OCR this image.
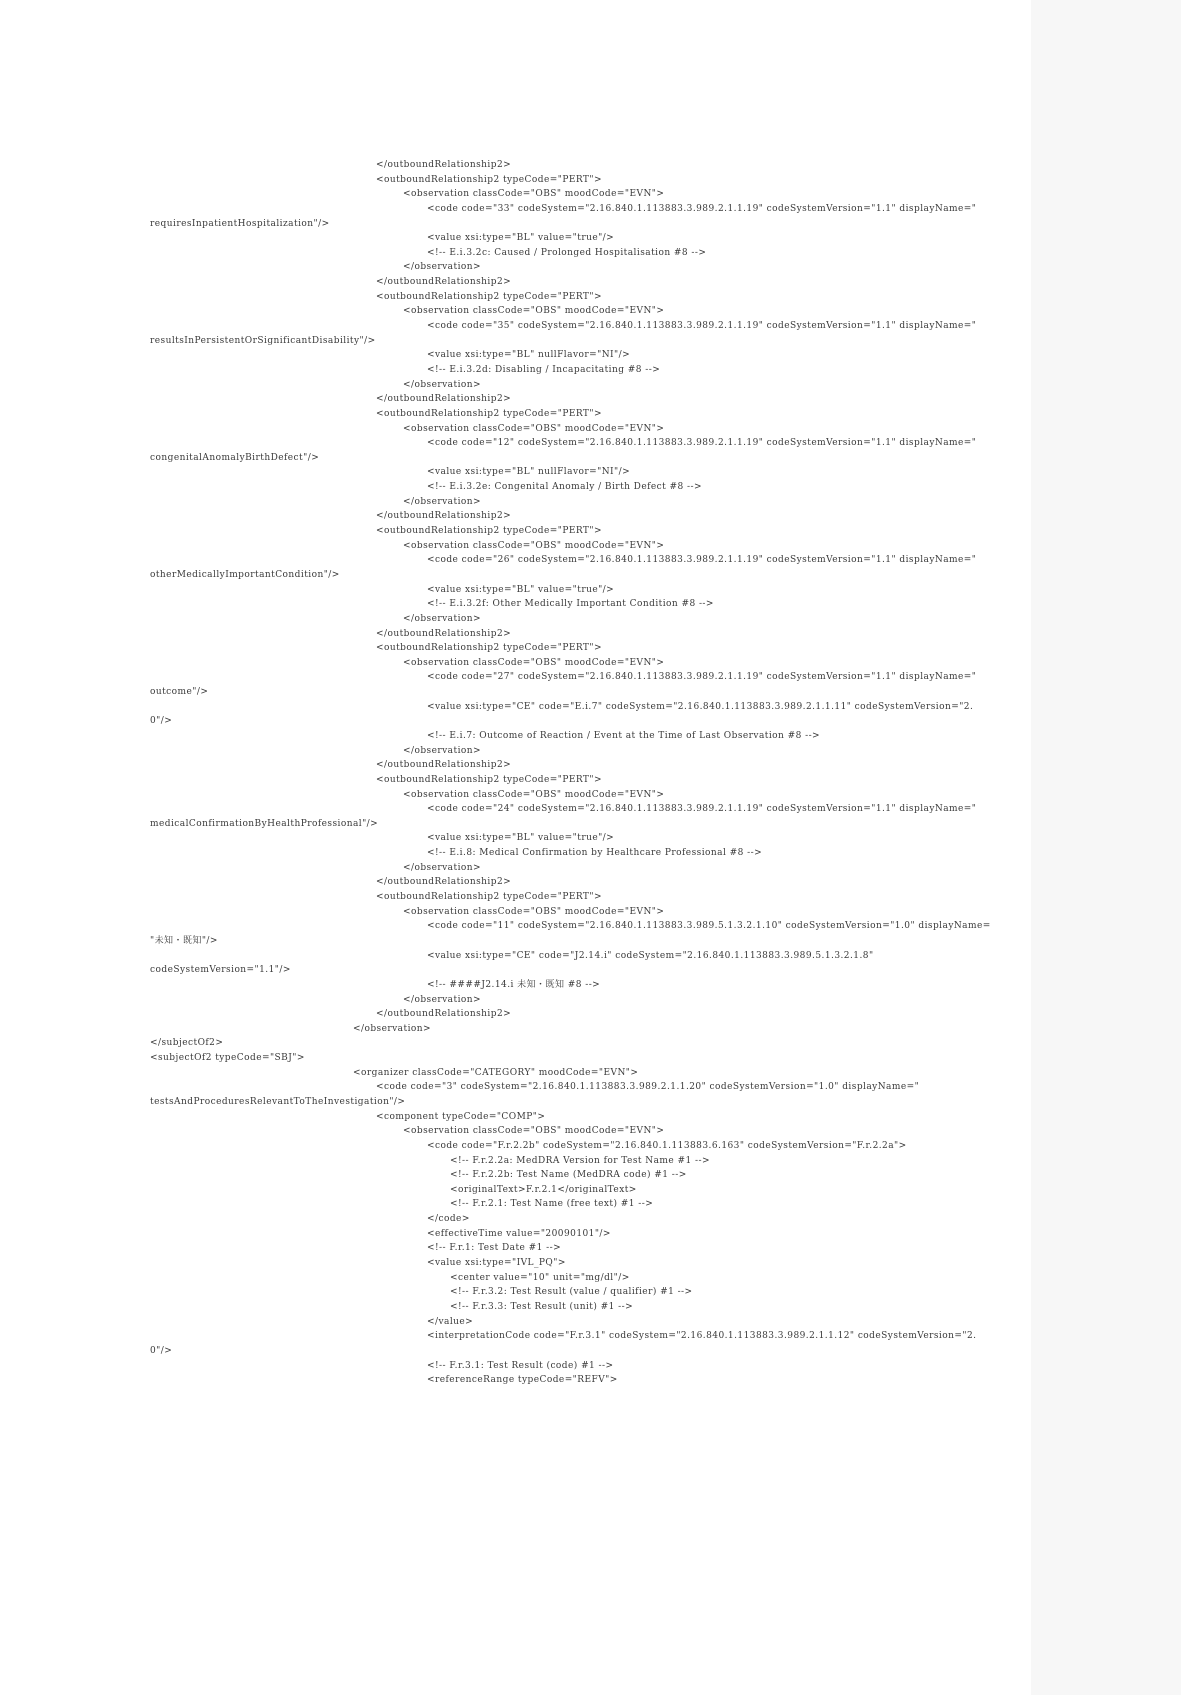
</outboundRelationship2>
<outboundRelationship2 typeCode="PERT">
<observation classCode="OBS" moodCode="EVN">
<code code="33" codeSystem="2.16.840.1.113883.3.989.2.1.1.19" codeSystemVersion="1.1" displayName="
requiresInpatientHospitalization"/>
<value xsi:type="BL" value="true"/>
<!-- E.i.3.2c: Caused / Prolonged Hospitalisation #8 -->
</observation>
</outboundRelationship2>
<outboundRelationship2 typeCode="PERT">
<observation classCode="OBS" moodCode="EVN">
<code code="35" codeSystem="2.16.840.1.113883.3.989.2.1.1.19" codeSystemVersion="1.1" displayName="
resultsInPersistentOrSignificantDisability"/>
<value xsi:type="BL" nullFlavor="NI"/>
<!-- E.i.3.2d: Disabling / Incapacitating #8 -->
</observation>
</outboundRelationship2>
<outboundRelationship2 typeCode="PERT">
<observation classCode="OBS" moodCode="EVN">
<code code="12" codeSystem="2.16.840.1.113883.3.989.2.1.1.19" codeSystemVersion="1.1" displayName="
congenitalAnomalyBirthDefect"/>
<value xsi:type="BL" nullFlavor="NI"/>
<!-- E.i.3.2e: Congenital Anomaly / Birth Defect #8 -->
</observation>
</outboundRelationship2>
<outboundRelationship2 typeCode="PERT">
<observation classCode="OBS" moodCode="EVN">
<code code="26" codeSystem="2.16.840.1.113883.3.989.2.1.1.19" codeSystemVersion="1.1" displayName="
otherMedicallyImportantCondition"/>
<value xsi:type="BL" value="true"/>
<!-- E.i.3.2f: Other Medically Important Condition #8 -->
</observation>
</outboundRelationship2>
<outboundRelationship2 typeCode="PERT">
<observation classCode="OBS" moodCode="EVN">
<code code="27" codeSystem="2.16.840.1.113883.3.989.2.1.1.19" codeSystemVersion="1.1" displayName="
outcome"/>
<value xsi:type="CE" code="E.i.7" codeSystem="2.16.840.1.113883.3.989.2.1.1.11" codeSystemVersion="2.
0"/>
<!-- E.i.7: Outcome of Reaction / Event at the Time of Last Observation #8 -->
</observation>
</outboundRelationship2>
<outboundRelationship2 typeCode="PERT">
<observation classCode="OBS" moodCode="EVN">
<code code="24" codeSystem="2.16.840.1.113883.3.989.2.1.1.19" codeSystemVersion="1.1" displayName="
medicalConfirmationByHealthProfessional"/>
<value xsi:type="BL" value="true"/>
<!-- E.i.8: Medical Confirmation by Healthcare Professional #8 -->
</observation>
</outboundRelationship2>
<outboundRelationship2 typeCode="PERT">
<observation classCode="OBS" moodCode="EVN">
<code code="11" codeSystem="2.16.840.1.113883.3.989.5.1.3.2.1.10" codeSystemVersion="1.0" displayName=
"未知・既知"/>
<value xsi:type="CE" code="J2.14.i" codeSystem="2.16.840.1.113883.3.989.5.1.3.2.1.8"
codeSystemVersion="1.1"/>
<!-- ####J2.14.i 未知・既知 #8 -->
</observation>
</outboundRelationship2>
</observation>
</subjectOf2>
<subjectOf2 typeCode="SBJ">
<organizer classCode="CATEGORY" moodCode="EVN">
<code code="3" codeSystem="2.16.840.1.113883.3.989.2.1.1.20" codeSystemVersion="1.0" displayName="
testsAndProceduresRelevantToTheInvestigation"/>
<component typeCode="COMP">
<observation classCode="OBS" moodCode="EVN">
<code code="F.r.2.2b" codeSystem="2.16.840.1.113883.6.163" codeSystemVersion="F.r.2.2a">
<!-- F.r.2.2a: MedDRA Version for Test Name #1 -->
<!-- F.r.2.2b: Test Name (MedDRA code) #1 -->
<originalText>F.r.2.1</originalText>
<!-- F.r.2.1: Test Name (free text) #1 -->
</code>
<effectiveTime value="20090101"/>
<!-- F.r.1: Test Date #1 -->
<value xsi:type="IVL_PQ">
<center value="10" unit="mg/dl"/>
<!-- F.r.3.2: Test Result (value / qualifier) #1 -->
<!-- F.r.3.3: Test Result (unit) #1 -->
</value>
<interpretationCode code="F.r.3.1" codeSystem="2.16.840.1.113883.3.989.2.1.1.12" codeSystemVersion="2.
0"/>
<!-- F.r.3.1: Test Result (code) #1 -->
<referenceRange typeCode="REFV">
